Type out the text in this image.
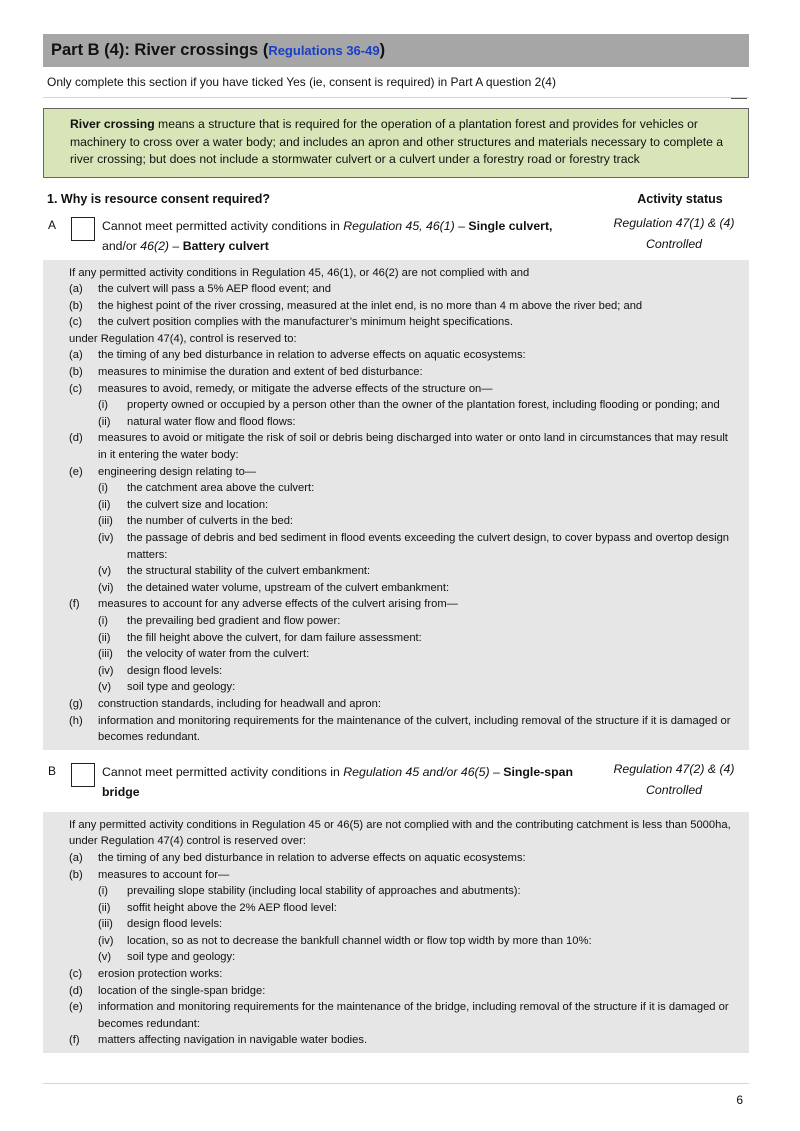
Part B (4): River crossings ( Regulations 36-49 )
Only complete this section if you have ticked Yes (ie, consent is required) in Part A question 2(4)
River crossing means a structure that is required for the operation of a plantation forest and provides for vehicles or machinery to cross over a water body; and includes an apron and other structures and materials necessary to complete a river crossing; but does not include a stormwater culvert or a culvert under a forestry road or forestry track
1. Why is resource consent required?	Activity status
A	Cannot meet permitted activity conditions in Regulation 45, 46(1) – Single culvert, and/or 46(2) – Battery culvert
Regulation 47(1) & (4)
Controlled

If any permitted activity conditions in Regulation 45, 46(1), or 46(2) are not complied with and

(a)	the culvert will pass a 5% AEP flood event; and
(b)	the highest point of the river crossing, measured at the inlet end, is no more than 4 m above the river bed; and
(c)	the culvert position complies with the manufacturer’s minimum height specifications.

under Regulation 47(4), control is reserved to:

(a)	the timing of any bed disturbance in relation to adverse effects on aquatic ecosystems:
(b)	measures to minimise the duration and extent of bed disturbance:
(c)	measures to avoid, remedy, or mitigate the adverse effects of the structure on—
(i)	property owned or occupied by a person other than the owner of the plantation forest, including flooding or ponding; and
(ii)	natural water flow and flood flows:
(d)	measures to avoid or mitigate the risk of soil or debris being discharged into water or onto land in circumstances that may result in it entering the water body:
(e)	engineering design relating to—
(i)	the catchment area above the culvert:
(ii)	the culvert size and location:
(iii)	the number of culverts in the bed:
(iv)	the passage of debris and bed sediment in flood events exceeding the culvert design, to cover bypass and overtop design matters:
(v)	the structural stability of the culvert embankment:
(vi)	the detained water volume, upstream of the culvert embankment:
(f)	measures to account for any adverse effects of the culvert arising from—
(i)	the prevailing bed gradient and flow power:
(ii)	the fill height above the culvert, for dam failure assessment:
(iii)	the velocity of water from the culvert:
(iv)	design flood levels:
(v)	soil type and geology:
(g)	construction standards, including for headwall and apron:
(h)	information and monitoring requirements for the maintenance of the culvert, including removal of the structure if it is damaged or becomes redundant.
B	Cannot meet permitted activity conditions in Regulation 45 and/or 46(5) – Single-span bridge
Regulation 47(2) & (4)
Controlled

If any permitted activity conditions in Regulation 45 or 46(5) are not complied with and the contributing catchment is less than 5000ha, under Regulation 47(4) control is reserved over:

(a)	the timing of any bed disturbance in relation to adverse effects on aquatic ecosystems:
(b)	measures to account for—
(i)	prevailing slope stability (including local stability of approaches and abutments):
(ii)	soffit height above the 2% AEP flood level:
(iii)	design flood levels:
(iv)	location, so as not to decrease the bankfull channel width or flow top width by more than 10%:
(v)	soil type and geology:
(c)	erosion protection works:
(d)	location of the single-span bridge:
(e)	information and monitoring requirements for the maintenance of the bridge, including removal of the structure if it is damaged or becomes redundant:
(f)	matters affecting navigation in navigable water bodies.
6
